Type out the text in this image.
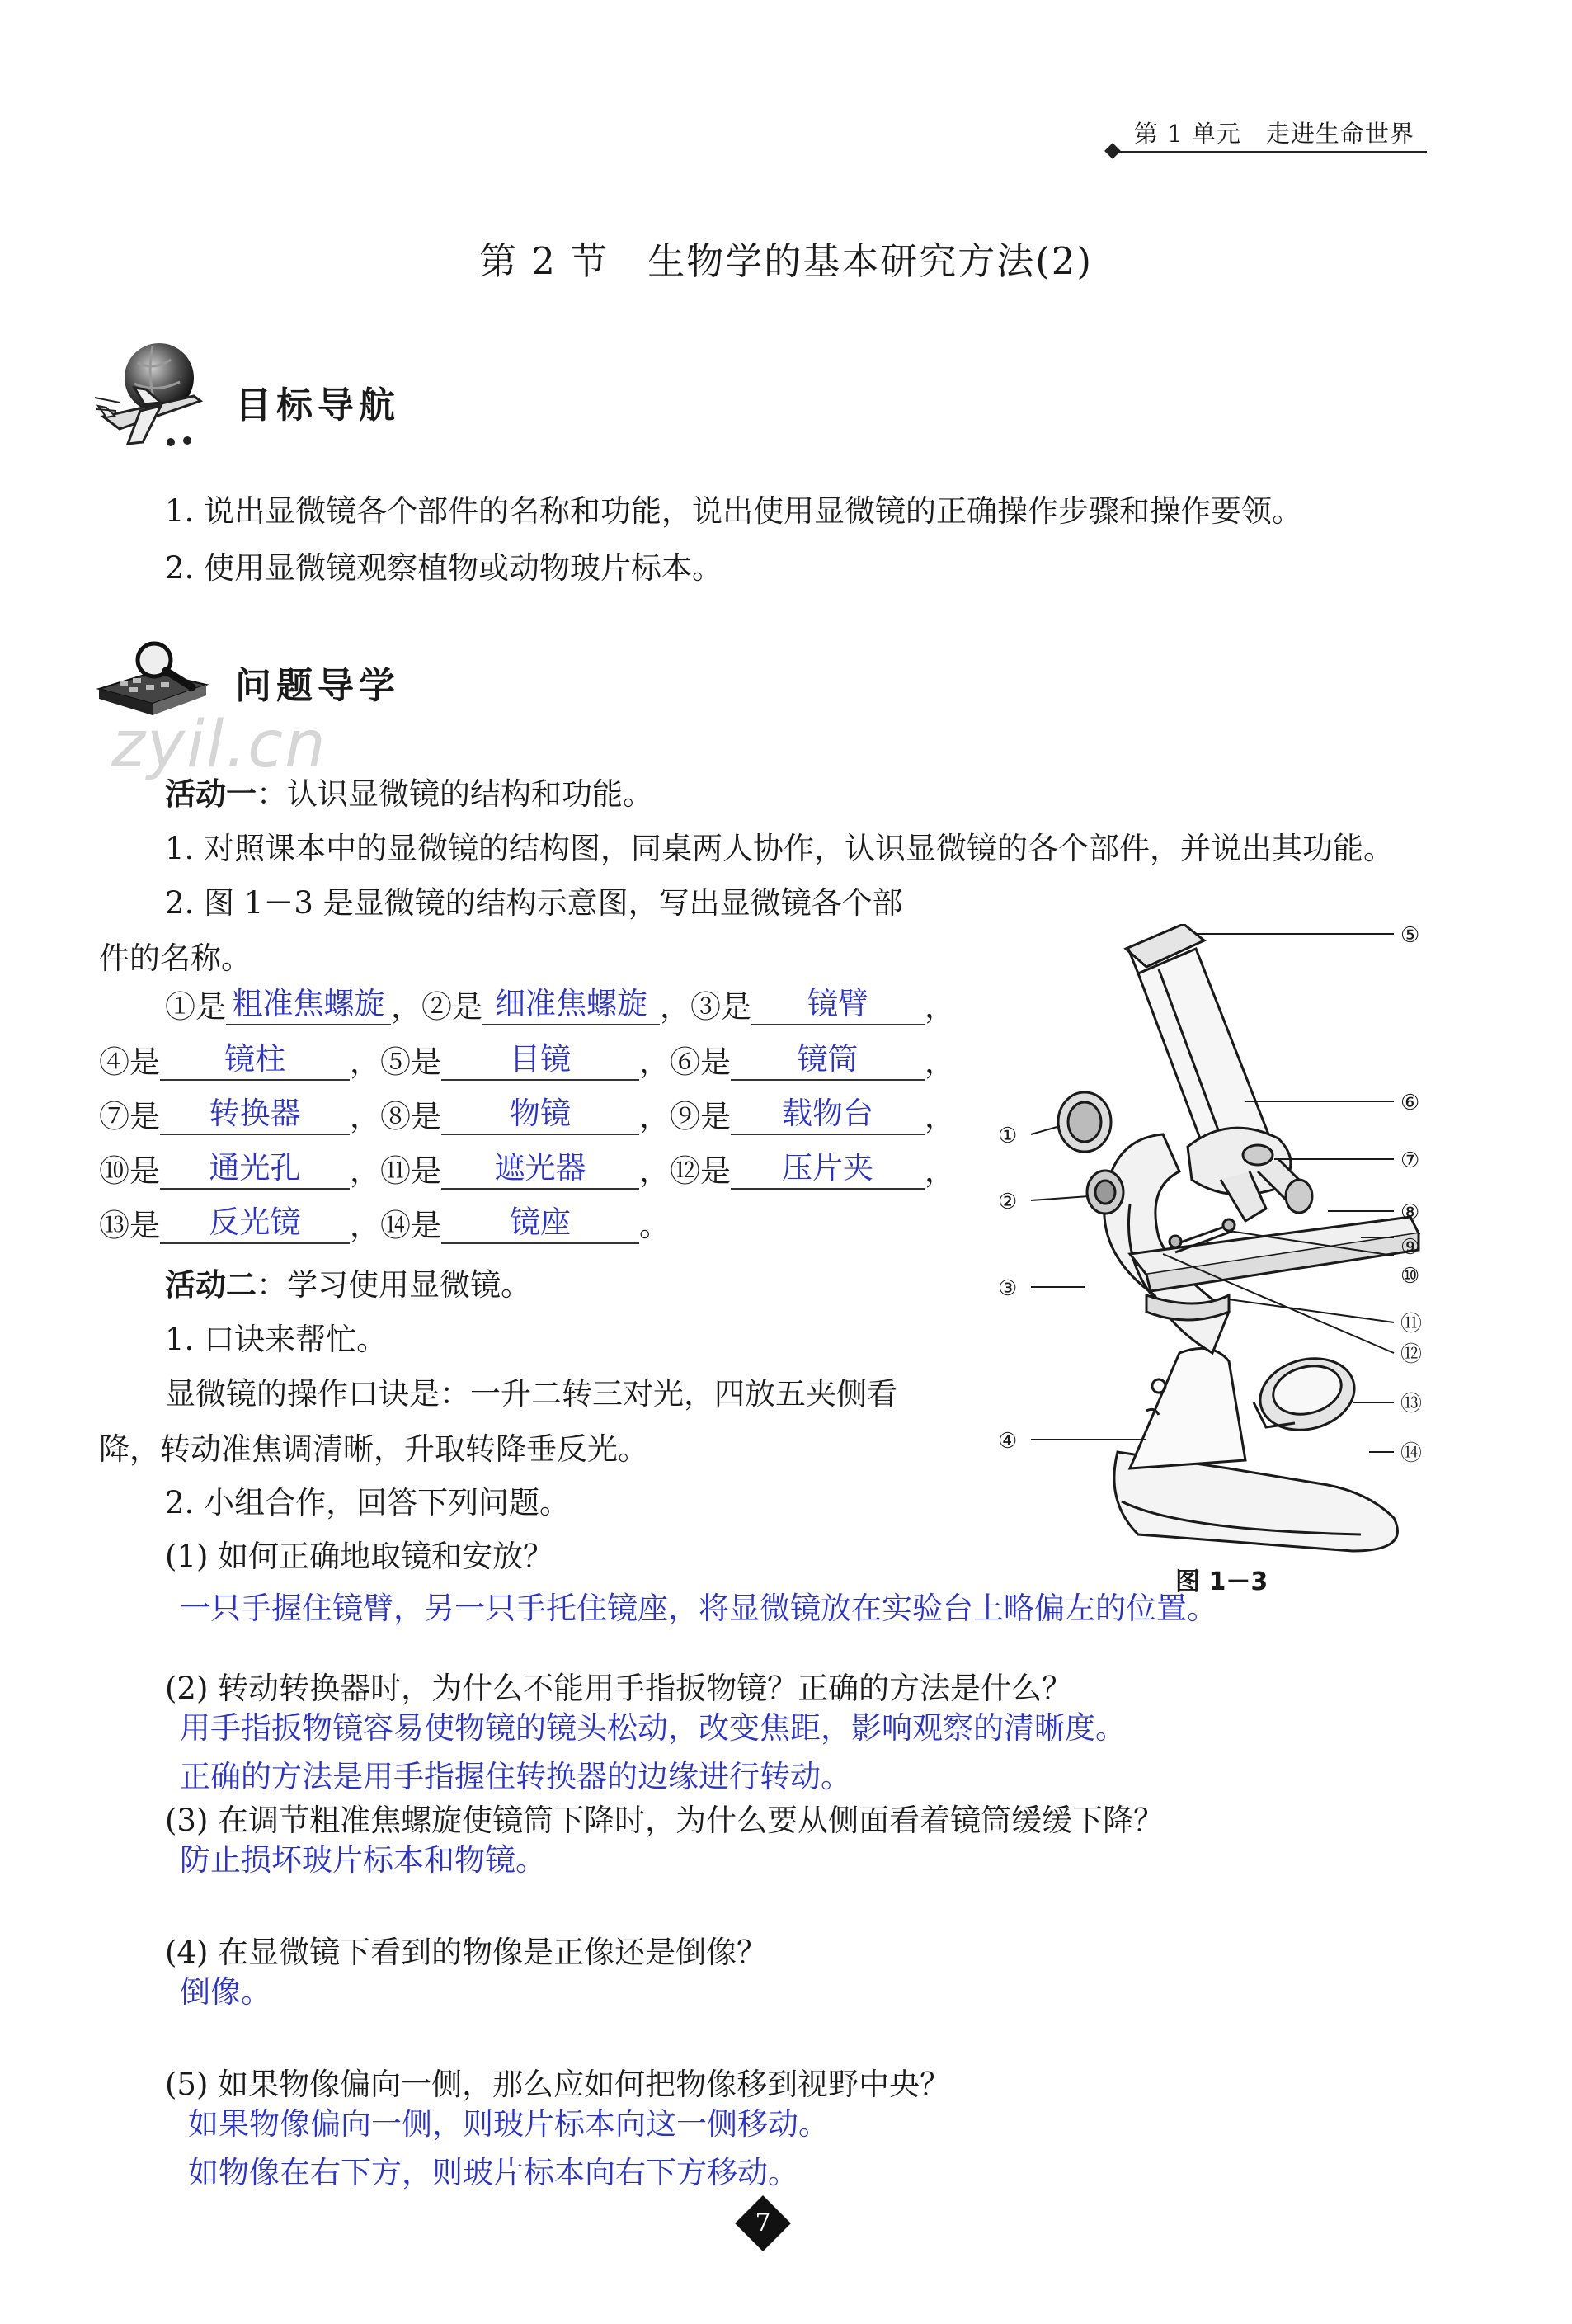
第 1 单元　走进生命世界
第 2 节　生物学的基本研究方法(2)
目标导航
1. 说出显微镜各个部件的名称和功能，说出使用显微镜的正确操作步骤和操作要领。
2. 使用显微镜观察植物或动物玻片标本。
问题导学
zyil.cn
活动一：认识显微镜的结构和功能。
1. 对照课本中的显微镜的结构图，同桌两人协作，认识显微镜的各个部件，并说出其功能。
2. 图 1－3 是显微镜的结构示意图，写出显微镜各个部
件的名称。
①是 粗准焦螺旋 ，②是 细准焦螺旋 ，③是 镜臂 ，
④是 镜柱 ，⑤是 目镜 ，⑥是 镜筒 ，
⑦是 转换器 ，⑧是 物镜 ，⑨是 载物台 ，
⑩是 通光孔 ，⑪是 遮光器 ，⑫是 压片夹 ，
⑬是 反光镜 ，⑭是 镜座 。
⑤
⑥
⑦
⑧
⑨
⑩
⑪
⑫
⑬
⑭
①
②
③
④
图 1－3
活动二：学习使用显微镜。
1. 口诀来帮忙。
显微镜的操作口诀是：一升二转三对光，四放五夹侧看
降，转动准焦调清晰，升取转降垂反光。
2. 小组合作，回答下列问题。
(1) 如何正确地取镜和安放？
一只手握住镜臂，另一只手托住镜座，将显微镜放在实验台上略偏左的位置。
(2) 转动转换器时，为什么不能用手指扳物镜？正确的方法是什么？
用手指扳物镜容易使物镜的镜头松动，改变焦距，影响观察的清晰度。
正确的方法是用手指握住转换器的边缘进行转动。
(3) 在调节粗准焦螺旋使镜筒下降时，为什么要从侧面看着镜筒缓缓下降？
防止损坏玻片标本和物镜。
(4) 在显微镜下看到的物像是正像还是倒像？
倒像。
(5) 如果物像偏向一侧，那么应如何把物像移到视野中央？
如果物像偏向一侧，则玻片标本向这一侧移动。
如物像在右下方，则玻片标本向右下方移动。
7
